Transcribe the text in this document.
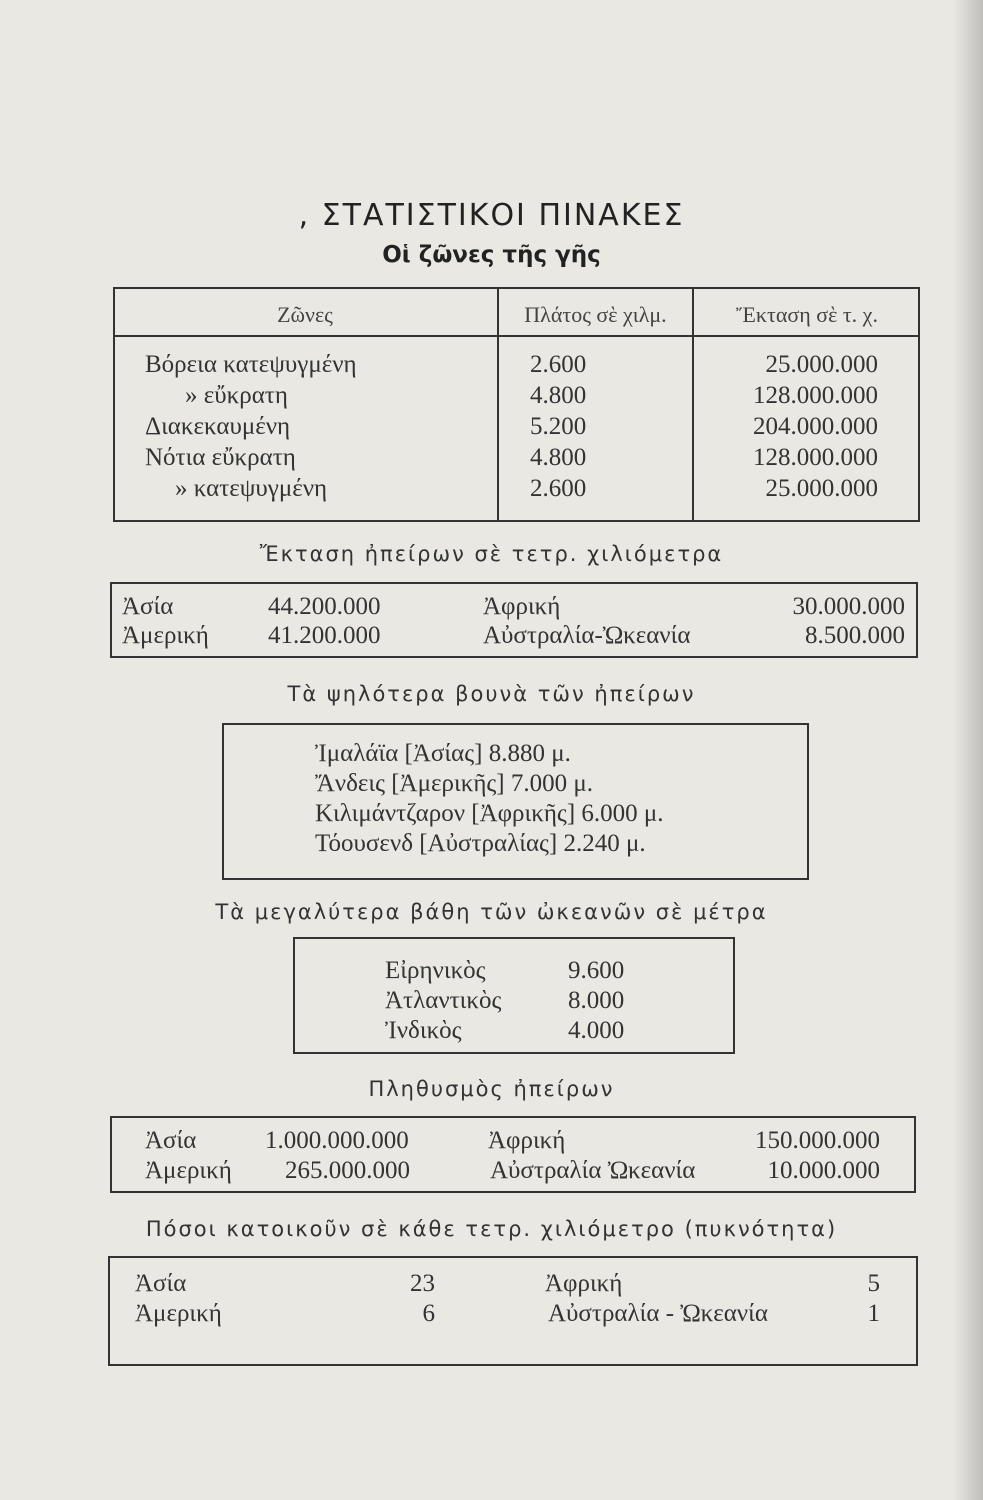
, ΣΤΑΤΙΣΤΙΚΟΙ ΠΙΝΑΚΕΣ
Οἱ ζῶνες τῆς γῆς
Ζῶνες	Πλάτος σὲ χιλμ.	Ἔκταση σὲ τ. χ.
Βόρεια κατεψυγμένη	2.600	25.000.000
» εὔκρατη	4.800	128.000.000
Διακεκαυμένη	5.200	204.000.000
Νότια εὔκρατη	4.800	128.000.000
» κατεψυγμένη	2.600	25.000.000
Ἔκταση ἠπείρων σὲ τετρ. χιλιόμετρα
Ἀσία	44.200.000	Ἀφρική	30.000.000
Ἀμερική 41.200.000	Αὐστραλία-Ὠκεανία	8.500.000
Τὰ ψηλότερα βουνὰ τῶν ἠπείρων
Ἰμαλάϊα [Ἀσίας] 8.880 μ.
Ἄνδεις [Ἀμερικῆς] 7.000 μ.
Κιλιμάντζαρον [Ἀφρικῆς] 6.000 μ.
Τόουσενδ [Αὐστραλίας] 2.240 μ.
Τὰ μεγαλύτερα βάθη τῶν ὠκεανῶν σὲ μέτρα
Εἰρηνικὸς	9.600
Ἀτλαντικὸς	8.000
Ἰνδικὸς	4.000
Πληθυσμὸς ἠπείρων
Ἀσία	1.000.000.000	Ἀφρική	150.000.000
Ἀμερική 265.000.000	Αὐστραλία Ὠκεανία	10.000.000
Πόσοι κατοικοῦν σὲ κάθε τετρ. χιλιόμετρο (πυκνότητα)
Ἀσία	23	Ἀφρική	5
Ἀμερική	6	Αὐστραλία - Ὠκεανία	1
